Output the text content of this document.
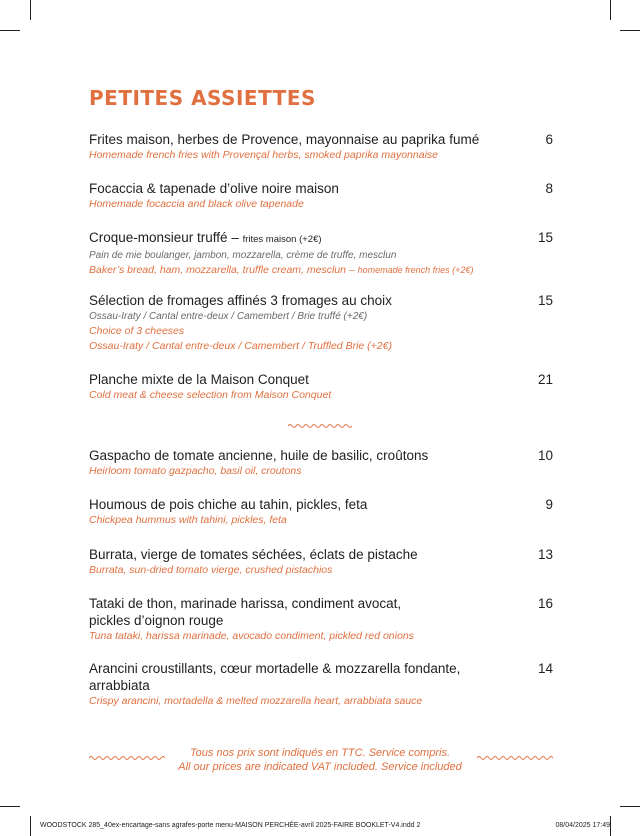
PETITES ASSIETTES
Frites maison, herbes de Provence, mayonnaise au paprika fumé
Homemade french fries with Provençal herbs, smoked paprika mayonnaise
6
Focaccia & tapenade d’olive noire maison
Homemade focaccia and black olive tapenade
8
Croque-monsieur truffé – frites maison (+2€)
Pain de mie boulanger, jambon, mozzarella, crème de truffe, mesclun
Baker’s bread, ham, mozzarella, truffle cream, mesclun – homemade french fries (+2€)
15
Sélection de fromages affinés 3 fromages au choix
Ossau-Iraty / Cantal entre-deux / Camembert / Brie truffé (+2€)
Choice of 3 cheeses
Ossau-Iraty / Cantal entre-deux / Camembert / Truffled Brie (+2€)
15
Planche mixte de la Maison Conquet
Cold meat & cheese selection from Maison Conquet
21
Gaspacho de tomate ancienne, huile de basilic, croûtons
Heirloom tomato gazpacho, basil oil, croutons
10
Houmous de pois chiche au tahin, pickles, feta
Chickpea hummus with tahini, pickles, feta
9
Burrata, vierge de tomates séchées, éclats de pistache
Burrata, sun-dried tomato vierge, crushed pistachios
13
Tataki de thon, marinade harissa, condiment avocat,
pickles d’oignon rouge
Tuna tataki, harissa marinade, avocado condiment, pickled red onions
16
Arancini croustillants, cœur mortadelle & mozzarella fondante,
arrabbiata
Crispy arancini, mortadella & melted mozzarella heart, arrabbiata sauce
14
Tous nos prix sont indiqués en TTC. Service compris.
All our prices are indicated VAT included. Service included
WOODSTOCK 285_40ex-encartage-sans agrafes-porte menu-MAISON PERCHÉE-avril 2025-FAIRE BOOKLET-V4.indd 2	08/04/2025 17:49
